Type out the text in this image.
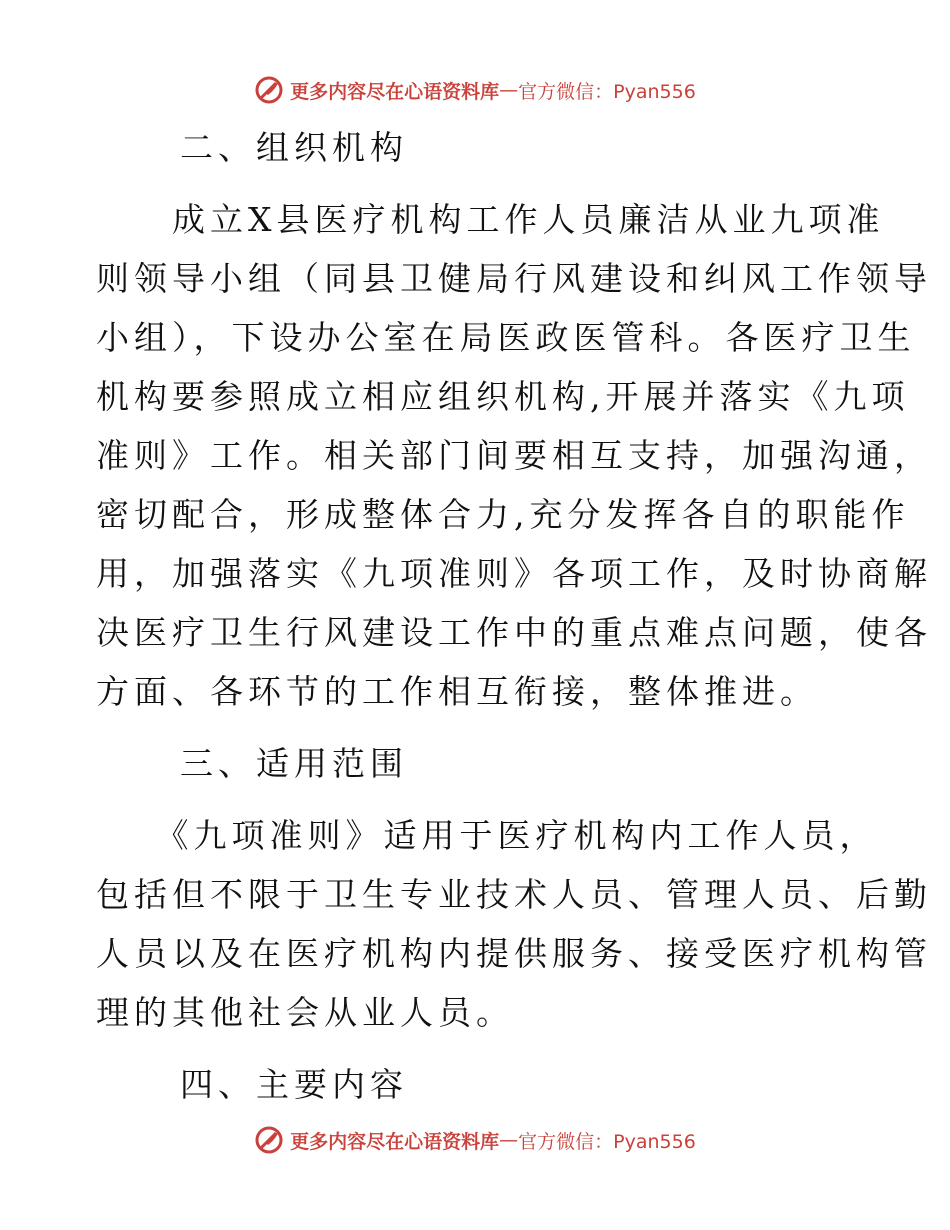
更多内容尽在心语资料库 — 官方微信：Pyan556
二、组织机构
　　成立X县医疗机构工作人员廉洁从业九项准
则领导小组（同县卫健局行风建设和纠风工作领导
小组），下设办公室在局医政医管科。各医疗卫生
机构要参照成立相应组织机构,开展并落实《九项
准则》工作。相关部门间要相互支持，加强沟通，
密切配合，形成整体合力,充分发挥各自的职能作
用，加强落实《九项准则》各项工作，及时协商解
决医疗卫生行风建设工作中的重点难点问题，使各
方面、各环节的工作相互衔接，整体推进。
三、适用范围
　　《九项准则》适用于医疗机构内工作人员，
包括但不限于卫生专业技术人员、管理人员、后勤
人员以及在医疗机构内提供服务、接受医疗机构管
理的其他社会从业人员。
四、主要内容
更多内容尽在心语资料库 — 官方微信：Pyan556
